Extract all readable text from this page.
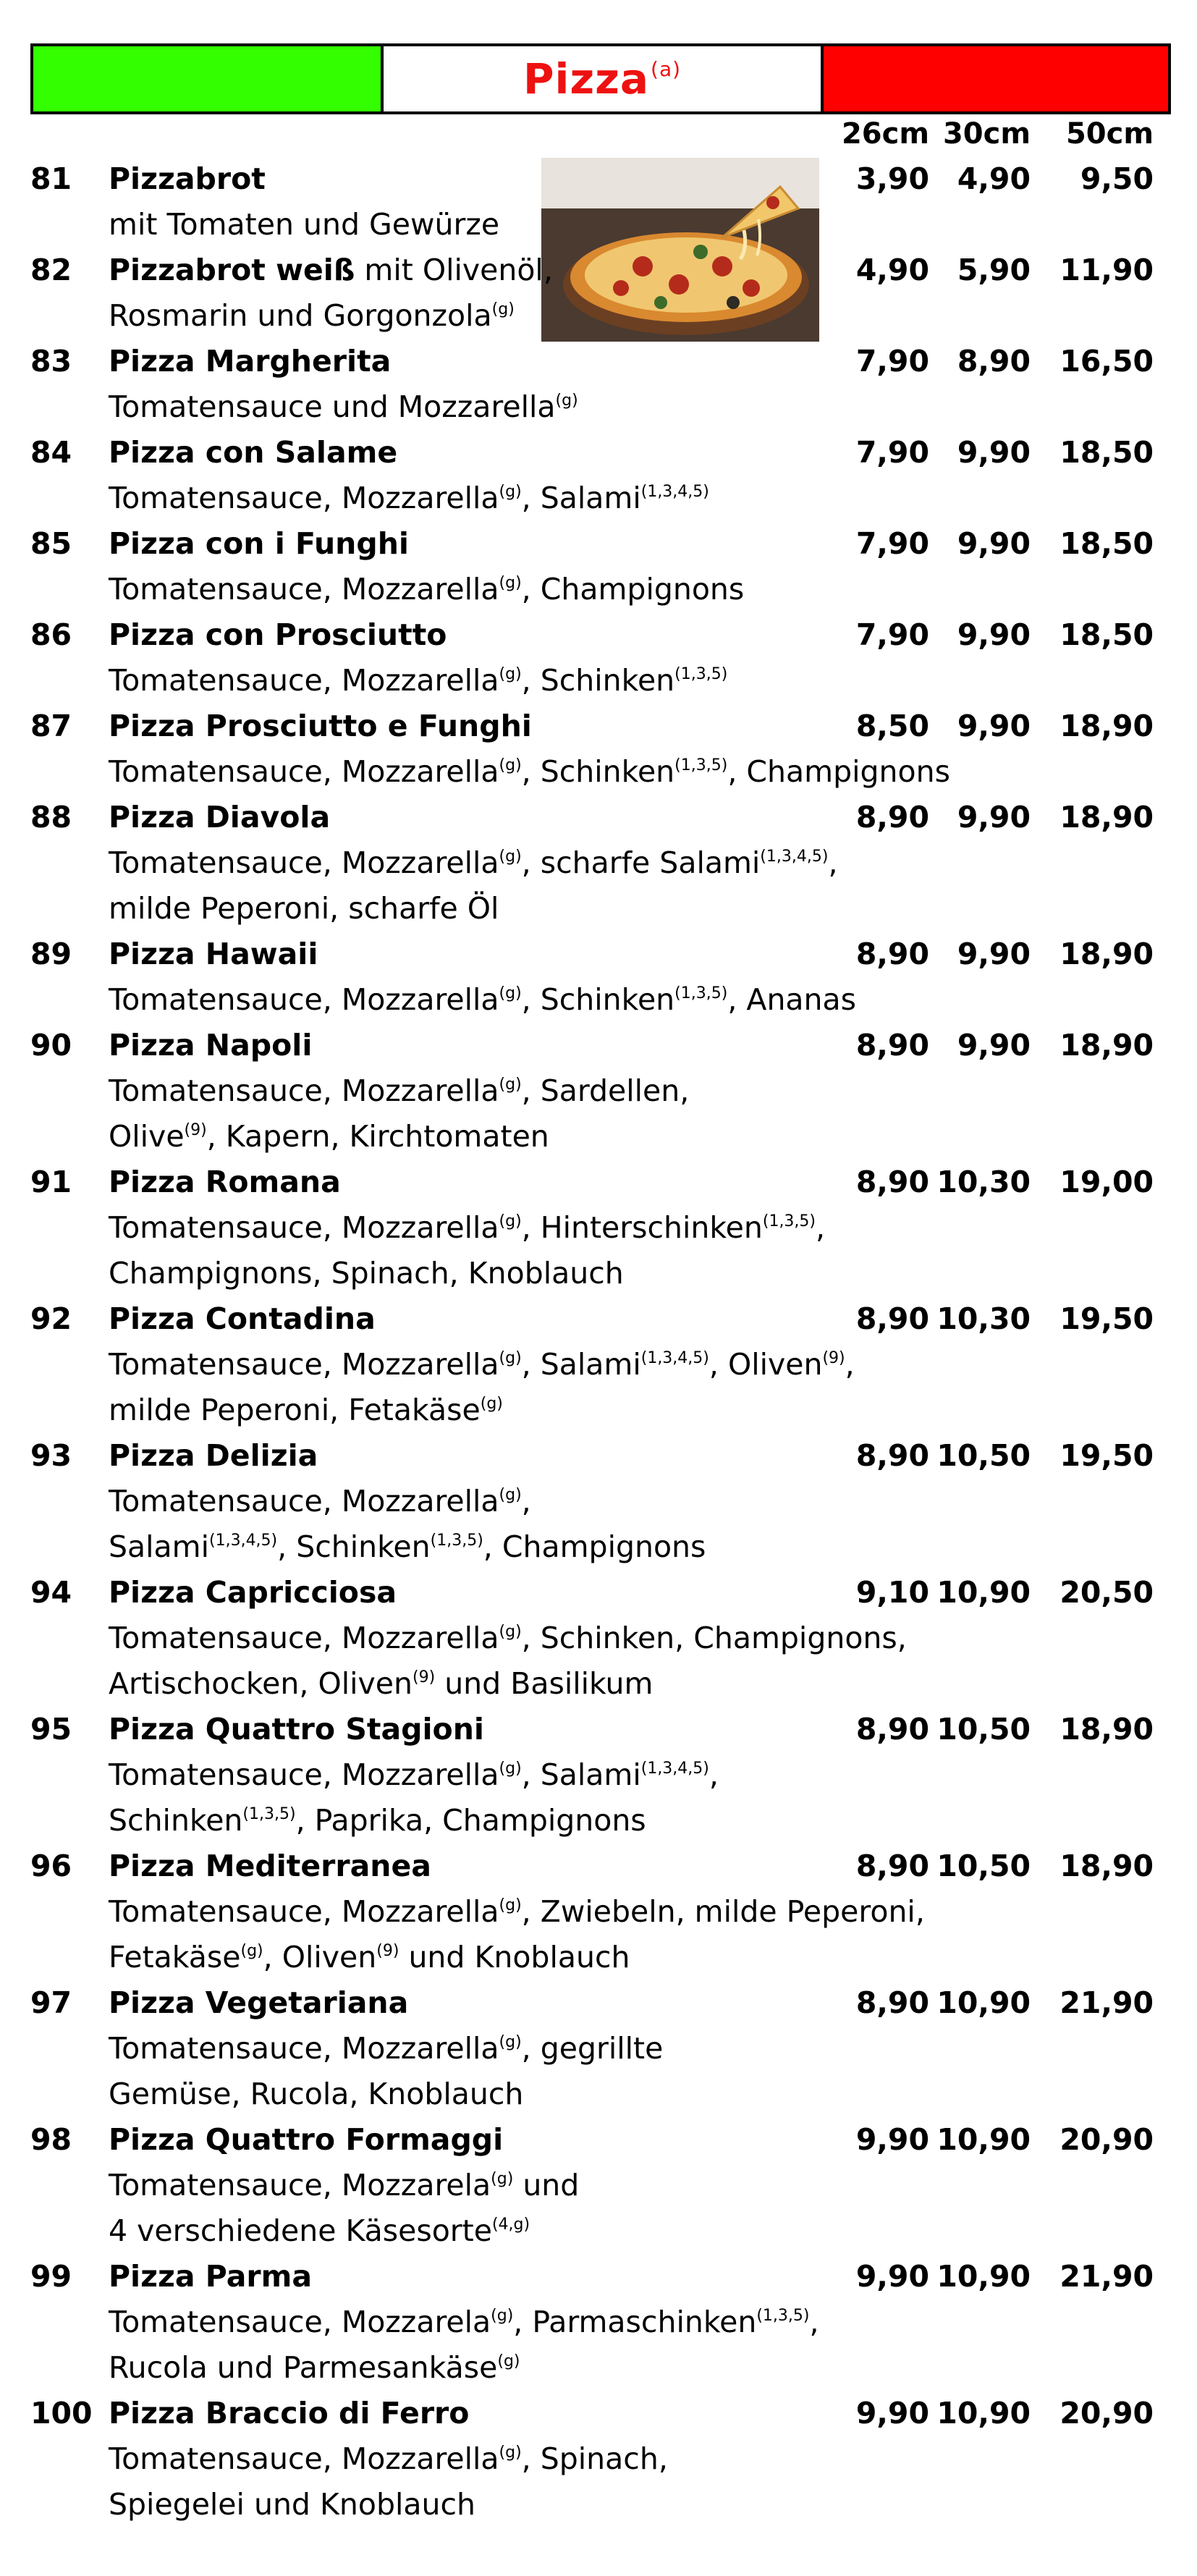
Pizza$^{(a)}$
26cm 30cm 50cm
81 Pizzabrot	3,90 4,90 9,50
mit Tomaten und Gewürze
82 Pizzabrot weiß mit Olivenöl,	4,90 5,90 11,90
Rosmarin und Gorgonzola$^{(g)}$
83 Pizza Margherita	7,90 8,90 16,50
Tomatensauce und Mozzarella$^{(g)}$
84 Pizza con Salame	7,90 9,90 18,50
Tomatensauce, Mozzarella$^{(g)}$, Salami$^{(1,3,4,5)}$
85 Pizza con i Funghi	7,90 9,90 18,50
Tomatensauce, Mozzarella$^{(g)}$, Champignons
86 Pizza con Prosciutto	7,90 9,90 18,50
Tomatensauce, Mozzarella$^{(g)}$, Schinken$^{(1,3,5)}$
87 Pizza Prosciutto e Funghi	8,50 9,90 18,90
Tomatensauce, Mozzarella$^{(g)}$, Schinken$^{(1,3,5)}$, Champignons
88 Pizza Diavola	8,90 9,90 18,90
Tomatensauce, Mozzarella$^{(g)}$, scharfe Salami$^{(1,3,4,5)}$,
milde Peperoni, scharfe Öl
89 Pizza Hawaii	8,90 9,90 18,90
Tomatensauce, Mozzarella$^{(g)}$, Schinken$^{(1,3,5)}$, Ananas
90 Pizza Napoli	8,90 9,90 18,90
Tomatensauce, Mozzarella$^{(g)}$, Sardellen,
Olive$^{(9)}$, Kapern, Kirchtomaten
91 Pizza Romana	8,90 10,30 19,00
Tomatensauce, Mozzarella$^{(g)}$, Hinterschinken$^{(1,3,5)}$,
Champignons, Spinach, Knoblauch
92 Pizza Contadina	8,90 10,30 19,50
Tomatensauce, Mozzarella$^{(g)}$, Salami$^{(1,3,4,5)}$, Oliven$^{(9)}$,
milde Peperoni, Fetakäse$^{(g)}$
93 Pizza Delizia	8,90 10,50 19,50
Tomatensauce, Mozzarella$^{(g)}$,
Salami$^{(1,3,4,5)}$, Schinken$^{(1,3,5)}$, Champignons
94 Pizza Capricciosa	9,10 10,90 20,50
Tomatensauce, Mozzarella$^{(g)}$, Schinken, Champignons,
Artischocken, Oliven$^{(9)}$ und Basilikum
95 Pizza Quattro Stagioni	8,90 10,50 18,90
Tomatensauce, Mozzarella$^{(g)}$, Salami$^{(1,3,4,5)}$,
Schinken$^{(1,3,5)}$, Paprika, Champignons
96 Pizza Mediterranea	8,90 10,50 18,90
Tomatensauce, Mozzarella$^{(g)}$, Zwiebeln, milde Peperoni,
Fetakäse$^{(g)}$, Oliven$^{(9)}$ und Knoblauch
97 Pizza Vegetariana	8,90 10,90 21,90
Tomatensauce, Mozzarella$^{(g)}$, gegrillte
Gemüse, Rucola, Knoblauch
98 Pizza Quattro Formaggi	9,90 10,90 20,90
Tomatensauce, Mozzarela$^{(g)}$ und
4 verschiedene Käsesorte$^{(4,g)}$
99 Pizza Parma	9,90 10,90 21,90
Tomatensauce, Mozzarela$^{(g)}$, Parmaschinken$^{(1,3,5)}$,
Rucola und Parmesankäse$^{(g)}$
100 Pizza Braccio di Ferro	9,90 10,90 20,90
Tomatensauce, Mozzarella$^{(g)}$, Spinach,
Spiegelei und Knoblauch
